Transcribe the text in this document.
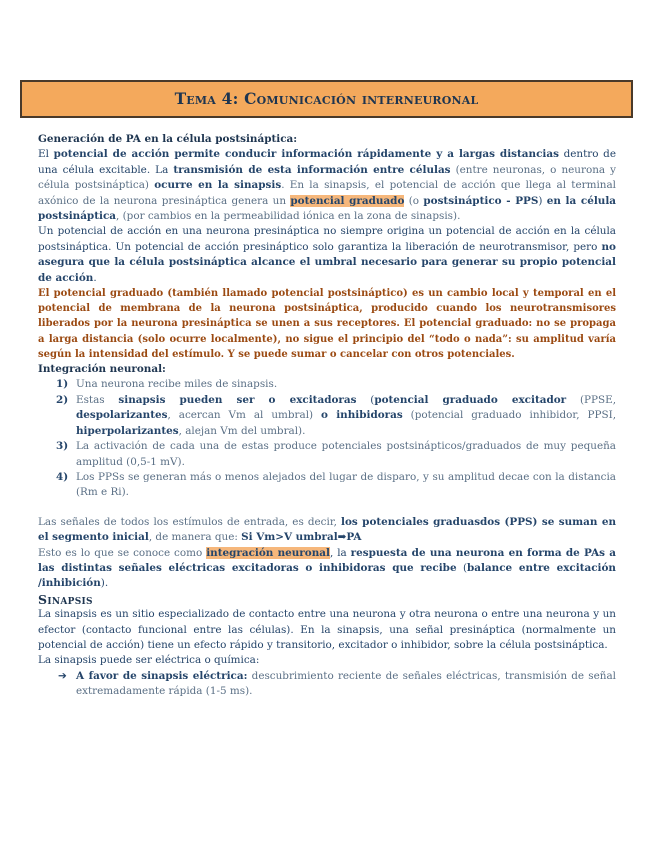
Tema 4: Comunicación interneuronal

Generación de PA en la célula postsináptica:

El potencial de acción permite conducir información rápidamente y a largas distancias dentro de una célula excitable. La transmisión de esta información entre células (entre neuronas, o neurona y célula postsináptica) ocurre en la sinapsis. En la sinapsis, el potencial de acción que llega al terminal axónico de la neurona presináptica genera un potencial graduado (o postsináptico - PPS) en la célula postsináptica, (por cambios en la permeabilidad iónica en la zona de sinapsis).

Un potencial de acción en una neurona presináptica no siempre origina un potencial de acción en la célula postsináptica. Un potencial de acción presináptico solo garantiza la liberación de neurotransmisor, pero no asegura que la célula postsináptica alcance el umbral necesario para generar su propio potencial de acción.

El potencial graduado (también llamado potencial postsináptico) es un cambio local y temporal en el potencial de membrana de la neurona postsináptica, producido cuando los neurotransmisores liberados por la neurona presináptica se unen a sus receptores. El potencial graduado: no se propaga a larga distancia (solo ocurre localmente), no sigue el principio del “todo o nada”: su amplitud varía según la intensidad del estímulo. Y se puede sumar o cancelar con otros potenciales.

Integración neuronal:

1) Una neurona recibe miles de sinapsis.
2) Estas sinapsis pueden ser o excitadoras (potencial graduado excitador (PPSE, despolarizantes, acercan Vm al umbral) o inhibidoras (potencial graduado inhibidor, PPSI, hiperpolarizantes, alejan Vm del umbral).
3) La activación de cada una de estas produce potenciales postsinápticos/graduados de muy pequeña amplitud (0,5-1 mV).
4) Los PPSs se generan más o menos alejados del lugar de disparo, y su amplitud decae con la distancia (Rm e Ri).

Las señales de todos los estímulos de entrada, es decir, los potenciales graduasdos (PPS) se suman en el segmento inicial, de manera que: Si Vm>V umbral➡PA

Esto es lo que se conoce como integración neuronal, la respuesta de una neurona en forma de PAs a las distintas señales eléctricas excitadoras o inhibidoras que recibe (balance entre excitación /inhibición).

Sinapsis

La sinapsis es un sitio especializado de contacto entre una neurona y otra neurona o entre una neurona y un efector (contacto funcional entre las células). En la sinapsis, una señal presináptica (normalmente un potencial de acción) tiene un efecto rápido y transitorio, excitador o inhibidor, sobre la célula postsináptica.

La sinapsis puede ser eléctrica o química:

➔ A favor de sinapsis eléctrica: descubrimiento reciente de señales eléctricas, transmisión de señal extremadamente rápida (1-5 ms).
